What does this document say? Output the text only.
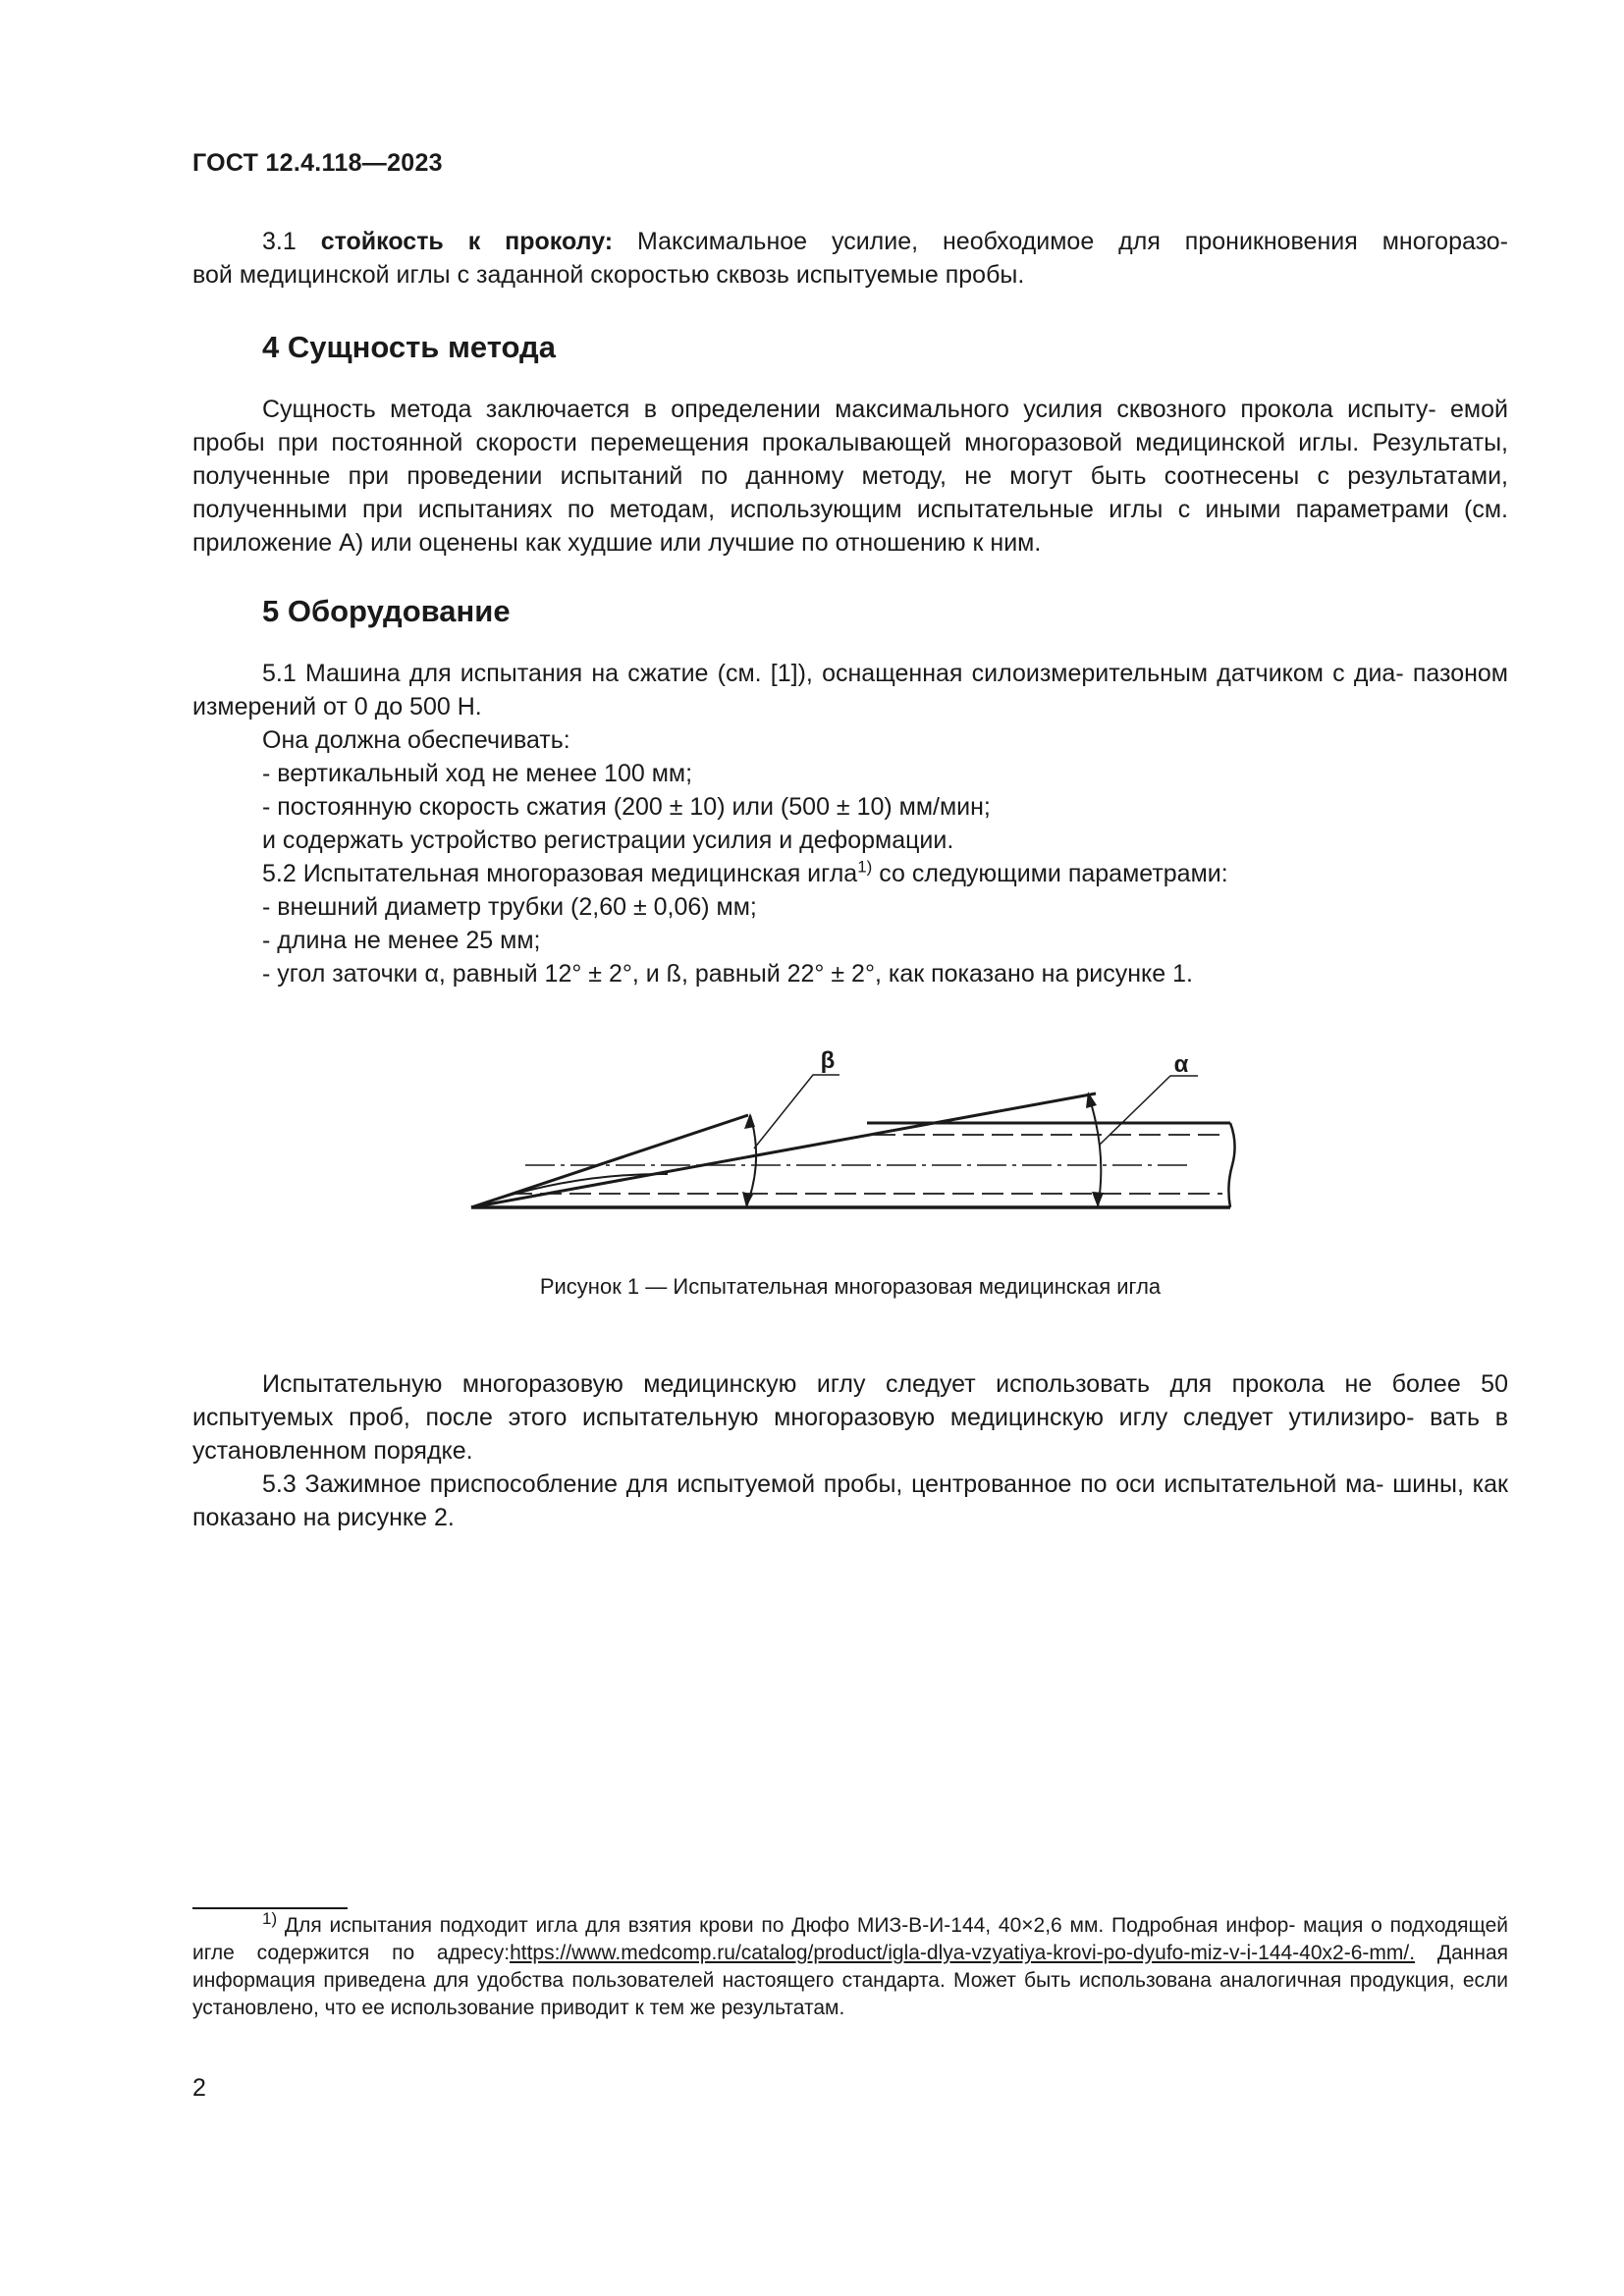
ГОСТ 12.4.118—2023

3.1 стойкость к проколу: Максимальное усилие, необходимое для проникновения многоразо-

вой медицинской иглы с заданной скоростью сквозь испытуемые пробы.

4 Сущность метода

Сущность метода заключается в определении максимального усилия сквозного прокола испыту- емой пробы при постоянной скорости перемещения прокалывающей многоразовой медицинской иглы. Результаты, полученные при проведении испытаний по данному методу, не могут быть соотнесены с результатами, полученными при испытаниях по методам, использующим испытательные иглы с иными параметрами (см. приложение А) или оценены как худшие или лучшие по отношению к ним.

5 Оборудование

5.1 Машина для испытания на сжатие (см. [1]), оснащенная силоизмерительным датчиком с диа- пазоном измерений от 0 до 500 Н.

Она должна обеспечивать:

- вертикальный ход не менее 100 мм;

- постоянную скорость сжатия (200 ± 10) или (500 ± 10) мм/мин;

и содержать устройство регистрации усилия и деформации.

5.2 Испытательная многоразовая медицинская игла$^{1)}$ со следующими параметрами:

- внешний диаметр трубки (2,60 ± 0,06) мм;

- длина не менее 25 мм;

- угол заточки α, равный 12° ± 2°, и ß, равный 22° ± 2°, как показано на рисунке 1.

β	α
Рисунок 1 — Испытательная многоразовая медицинская игла

Испытательную многоразовую медицинскую иглу следует использовать для прокола не более 50 испытуемых проб, после этого испытательную многоразовую медицинскую иглу следует утилизиро- вать в установленном порядке.

5.3 Зажимное приспособление для испытуемой пробы, центрованное по оси испытательной ма- шины, как показано на рисунке 2.

$^{1)}$ Для испытания подходит игла для взятия крови по Дюфо МИЗ-В-И-144, 40×2,6 мм. Подробная инфор- мация о подходящей игле содержится по адресу:https://www.medcomp.ru/catalog/product/igla-dlya-vzyatiya-krovi-po-dyufo-miz-v-i-144-40x2-6-mm/. Данная информация приведена для удобства пользователей настоящего стандарта. Может быть использована аналогичная продукция, если установлено, что ее использование приводит к тем же результатам.

2
